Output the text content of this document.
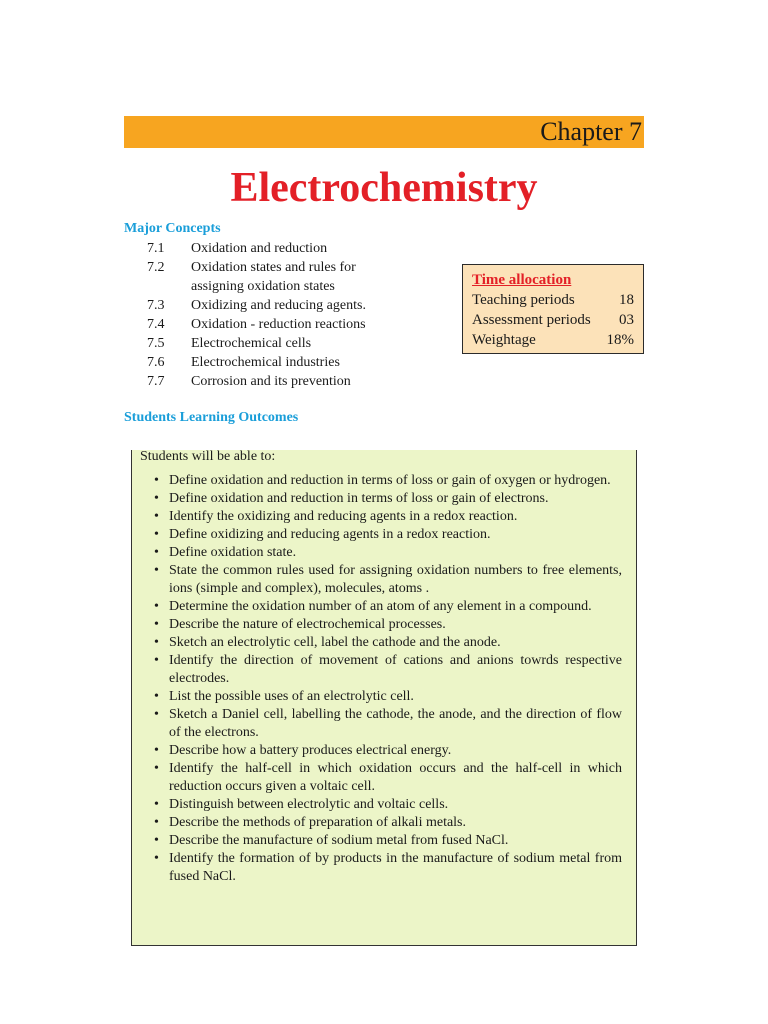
Chapter 7
Electrochemistry
Major Concepts
7.1	Oxidation and reduction
7.2	Oxidation states and rules for assigning oxidation states
7.3	Oxidizing and reducing agents.
7.4	Oxidation - reduction reactions
7.5	Electrochemical cells
7.6	Electrochemical industries
7.7	Corrosion and its prevention
Time allocation
Teaching periods	18
Assessment periods 03
Weightage	18%
Students Learning Outcomes
Students will be able to:
• Define oxidation and reduction in terms of loss or gain of oxygen or hydrogen.
• Define oxidation and reduction in terms of loss or gain of electrons.
• Identify the oxidizing and reducing agents in a redox reaction.
• Define oxidizing and reducing agents in a redox reaction.
• Define oxidation state.
• State the common rules used for assigning oxidation numbers to free elements, ions (simple and complex), molecules, atoms .
• Determine the oxidation number of an atom of any element in a compound.
• Describe the nature of electrochemical processes.
• Sketch an electrolytic cell, label the cathode and the anode.
• Identify the direction of movement of cations and anions towrds respective electrodes.
• List the possible uses of an electrolytic cell.
• Sketch a Daniel cell, labelling the cathode, the anode, and the direction of flow of the electrons.
• Describe how a battery produces electrical energy.
• Identify the half-cell in which oxidation occurs and the half-cell in which reduction occurs given a voltaic cell.
• Distinguish between electrolytic and voltaic cells.
• Describe the methods of preparation of alkali metals.
• Describe the manufacture of sodium metal from fused NaCl.
• Identify the formation of by products in the manufacture of sodium metal from fused NaCl.
